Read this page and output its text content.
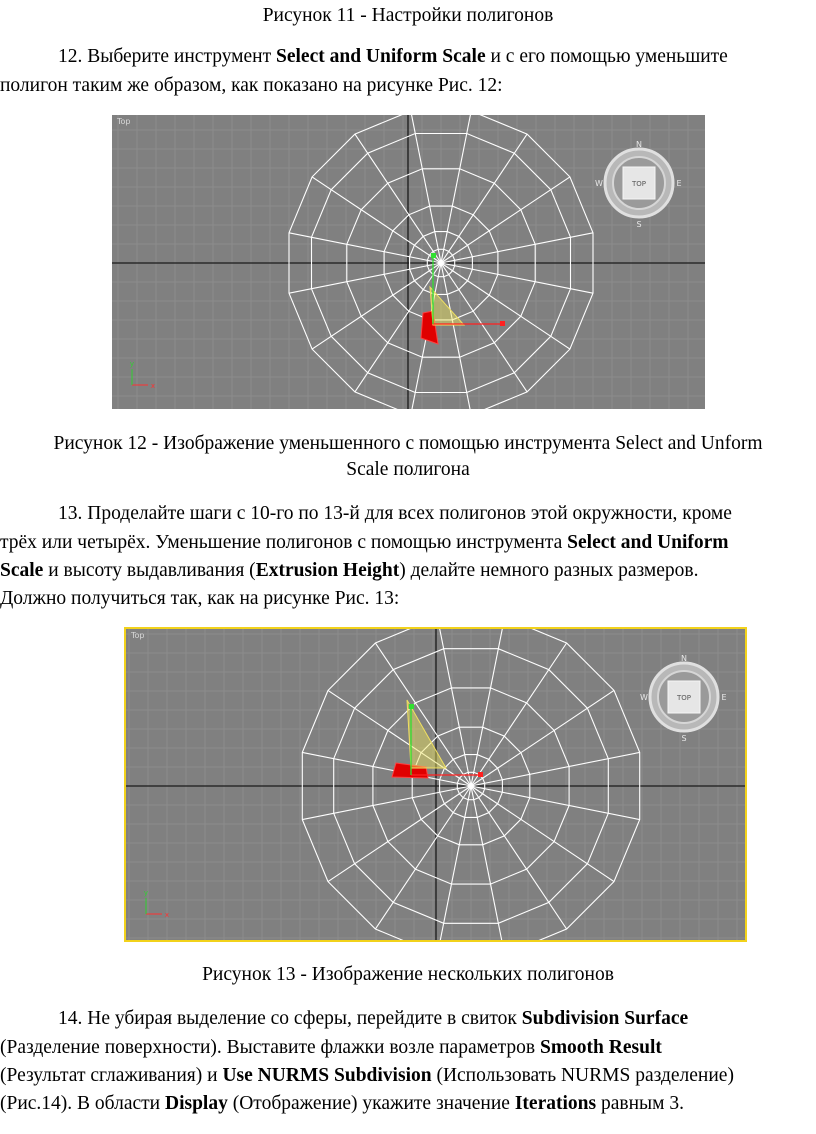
Рисунок 11 - Настройки полигонов
12. Выберите инструмент Select and Uniform Scale и с его помощью уменьшите
полигон таким же образом, как показано на рисунке Рис. 12:
TOP
N
S
W	E
x
y
Top
Рисунок 12 - Изображение уменьшенного с помощью инструмента Select and Unform
Scale полигона
13. Проделайте шаги с 10-го по 13-й для всех полигонов этой окружности, кроме
трёх или четырёх. Уменьшение полигонов с помощью инструмента Select and Uniform
Scale и высоту выдавливания (Extrusion Height) делайте немного разных размеров.
Должно получиться так, как на рисунке Рис. 13:
TOP
N
S
W	E
x
y
Top
Рисунок 13 - Изображение нескольких полигонов
14. Не убирая выделение со сферы, перейдите в свиток Subdivision Surface
(Разделение поверхности). Выставите флажки возле параметров Smooth Result
(Результат сглаживания) и Use NURMS Subdivision (Использовать NURMS разделение)
(Рис.14). В области Display (Отображение) укажите значение Iterations равным 3.
